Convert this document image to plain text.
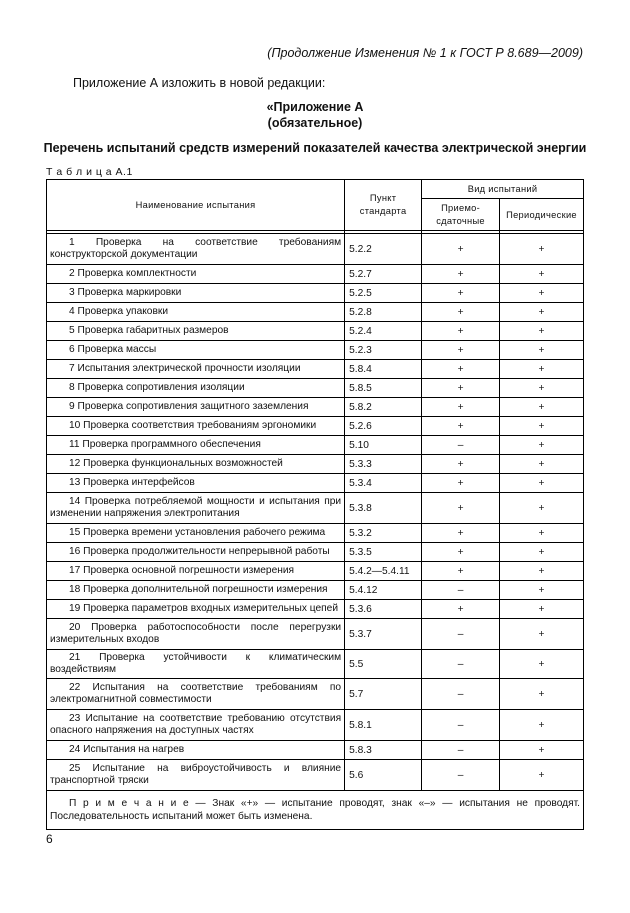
(Продолжение Изменения № 1 к ГОСТ Р 8.689—2009)
Приложение А изложить в новой редакции:
«Приложение А
(обязательное)
Перечень испытаний средств измерений показателей качества электрической энергии
Т а б л и ц а А.1
Наименование испытания	Пункт стандарта	Вид испытаний	
		Приемо-сдаточные	Периодические

1 Проверка на соответствие требованиям конструкторской документации	5.2.2	+	+
2 Проверка комплектности	5.2.7	+	+
3 Проверка маркировки	5.2.5	+	+
4 Проверка упаковки	5.2.8	+	+
5 Проверка габаритных размеров	5.2.4	+	+
6 Проверка массы	5.2.3	+	+
7 Испытания электрической прочности изоляции	5.8.4	+	+
8 Проверка сопротивления изоляции	5.8.5	+	+
9 Проверка сопротивления защитного заземления	5.8.2	+	+
10 Проверка соответствия требованиям эргономики	5.2.6	+	+
11 Проверка программного обеспечения	5.10	–	+
12 Проверка функциональных возможностей	5.3.3	+	+
13 Проверка интерфейсов	5.3.4	+	+
14 Проверка потребляемой мощности и испытания при изменении напряжения электропитания	5.3.8	+	+
15 Проверка времени установления рабочего режима	5.3.2	+	+
16 Проверка продолжительности непрерывной работы	5.3.5	+	+
17 Проверка основной погрешности измерения	5.4.2—5.4.11	+	+
18 Проверка дополнительной погрешности измерения	5.4.12	–	+
19 Проверка параметров входных измерительных цепей	5.3.6	+	+
20 Проверка работоспособности после перегрузки измерительных входов	5.3.7	–	+
21 Проверка устойчивости к климатическим воздействиям	5.5	–	+
22 Испытания на соответствие требованиям по электромагнитной совместимости	5.7	–	+
23 Испытание на соответствие требованию отсутствия опасного напряжения на доступных частях	5.8.1	–	+
24 Испытания на нагрев	5.8.3	–	+
25 Испытание на виброустойчивость и влияние транспортной тряски	5.6	–	+
П р и м е ч а н и е — Знак «+» — испытание проводят, знак «–» — испытания не проводят. Последовательность испытаний может быть изменена.			
6
